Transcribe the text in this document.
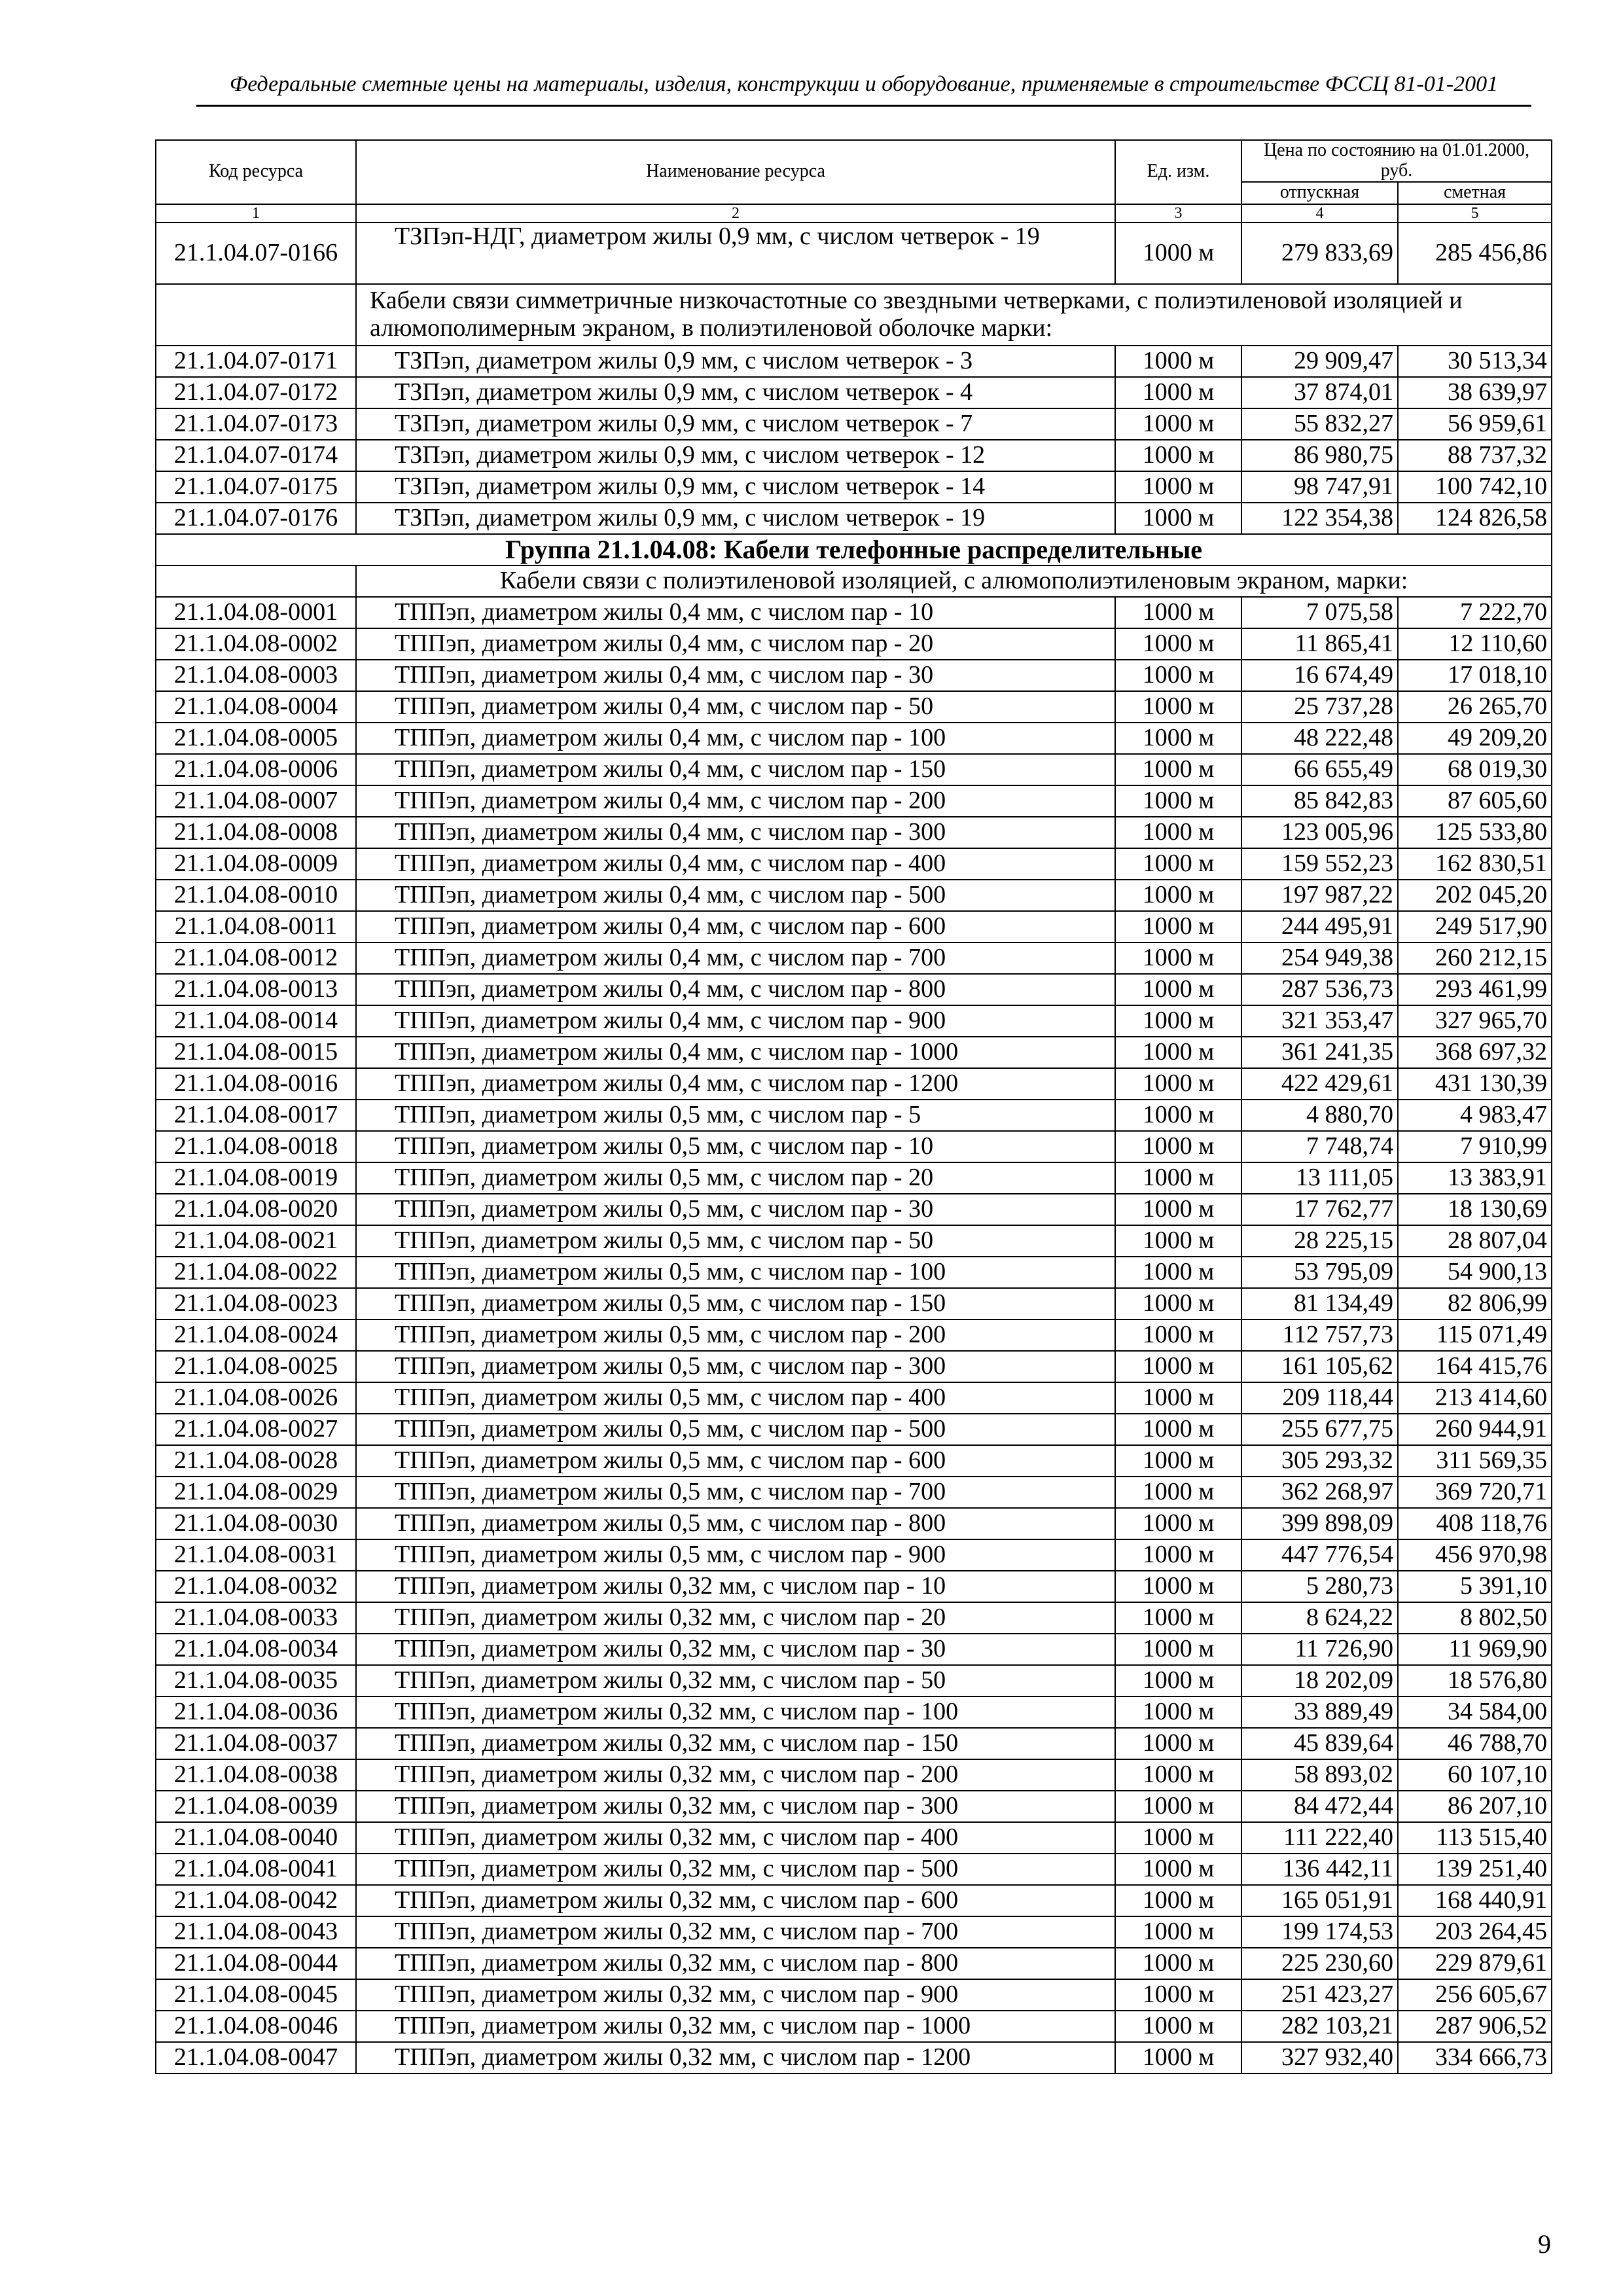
Федеральные сметные цены на материалы, изделия, конструкции и оборудование, применяемые в строительстве ФССЦ 81-01-2001
Код ресурса	Наименование ресурса	Ед. изм.	Цена по состоянию на 01.01.2000, руб.	
			отпускная	сметная
1	2	3	4	5
21.1.04.07-0166	ТЗПэп-НДГ, диаметром жилы 0,9 мм, с числом четверок - 19	1000 м	279 833,69	285 456,86
	Кабели связи симметричные низкочастотные со звездными четверками, с полиэтиленовой изоляцией и алюмополимерным экраном, в полиэтиленовой оболочке марки:			
21.1.04.07-0171	ТЗПэп, диаметром жилы 0,9 мм, с числом четверок - 3	1000 м	29 909,47	30 513,34
21.1.04.07-0172	ТЗПэп, диаметром жилы 0,9 мм, с числом четверок - 4	1000 м	37 874,01	38 639,97
21.1.04.07-0173	ТЗПэп, диаметром жилы 0,9 мм, с числом четверок - 7	1000 м	55 832,27	56 959,61
21.1.04.07-0174	ТЗПэп, диаметром жилы 0,9 мм, с числом четверок - 12	1000 м	86 980,75	88 737,32
21.1.04.07-0175	ТЗПэп, диаметром жилы 0,9 мм, с числом четверок - 14	1000 м	98 747,91	100 742,10
21.1.04.07-0176	ТЗПэп, диаметром жилы 0,9 мм, с числом четверок - 19	1000 м	122 354,38	124 826,58
Группа 21.1.04.08: Кабели телефонные распределительные				
	Кабели связи с полиэтиленовой изоляцией, с алюмополиэтиленовым экраном, марки:			
21.1.04.08-0001	ТППэп, диаметром жилы 0,4 мм, с числом пар - 10	1000 м	7 075,58	7 222,70
21.1.04.08-0002	ТППэп, диаметром жилы 0,4 мм, с числом пар - 20	1000 м	11 865,41	12 110,60
21.1.04.08-0003	ТППэп, диаметром жилы 0,4 мм, с числом пар - 30	1000 м	16 674,49	17 018,10
21.1.04.08-0004	ТППэп, диаметром жилы 0,4 мм, с числом пар - 50	1000 м	25 737,28	26 265,70
21.1.04.08-0005	ТППэп, диаметром жилы 0,4 мм, с числом пар - 100	1000 м	48 222,48	49 209,20
21.1.04.08-0006	ТППэп, диаметром жилы 0,4 мм, с числом пар - 150	1000 м	66 655,49	68 019,30
21.1.04.08-0007	ТППэп, диаметром жилы 0,4 мм, с числом пар - 200	1000 м	85 842,83	87 605,60
21.1.04.08-0008	ТППэп, диаметром жилы 0,4 мм, с числом пар - 300	1000 м	123 005,96	125 533,80
21.1.04.08-0009	ТППэп, диаметром жилы 0,4 мм, с числом пар - 400	1000 м	159 552,23	162 830,51
21.1.04.08-0010	ТППэп, диаметром жилы 0,4 мм, с числом пар - 500	1000 м	197 987,22	202 045,20
21.1.04.08-0011	ТППэп, диаметром жилы 0,4 мм, с числом пар - 600	1000 м	244 495,91	249 517,90
21.1.04.08-0012	ТППэп, диаметром жилы 0,4 мм, с числом пар - 700	1000 м	254 949,38	260 212,15
21.1.04.08-0013	ТППэп, диаметром жилы 0,4 мм, с числом пар - 800	1000 м	287 536,73	293 461,99
21.1.04.08-0014	ТППэп, диаметром жилы 0,4 мм, с числом пар - 900	1000 м	321 353,47	327 965,70
21.1.04.08-0015	ТППэп, диаметром жилы 0,4 мм, с числом пар - 1000	1000 м	361 241,35	368 697,32
21.1.04.08-0016	ТППэп, диаметром жилы 0,4 мм, с числом пар - 1200	1000 м	422 429,61	431 130,39
21.1.04.08-0017	ТППэп, диаметром жилы 0,5 мм, с числом пар - 5	1000 м	4 880,70	4 983,47
21.1.04.08-0018	ТППэп, диаметром жилы 0,5 мм, с числом пар - 10	1000 м	7 748,74	7 910,99
21.1.04.08-0019	ТППэп, диаметром жилы 0,5 мм, с числом пар - 20	1000 м	13 111,05	13 383,91
21.1.04.08-0020	ТППэп, диаметром жилы 0,5 мм, с числом пар - 30	1000 м	17 762,77	18 130,69
21.1.04.08-0021	ТППэп, диаметром жилы 0,5 мм, с числом пар - 50	1000 м	28 225,15	28 807,04
21.1.04.08-0022	ТППэп, диаметром жилы 0,5 мм, с числом пар - 100	1000 м	53 795,09	54 900,13
21.1.04.08-0023	ТППэп, диаметром жилы 0,5 мм, с числом пар - 150	1000 м	81 134,49	82 806,99
21.1.04.08-0024	ТППэп, диаметром жилы 0,5 мм, с числом пар - 200	1000 м	112 757,73	115 071,49
21.1.04.08-0025	ТППэп, диаметром жилы 0,5 мм, с числом пар - 300	1000 м	161 105,62	164 415,76
21.1.04.08-0026	ТППэп, диаметром жилы 0,5 мм, с числом пар - 400	1000 м	209 118,44	213 414,60
21.1.04.08-0027	ТППэп, диаметром жилы 0,5 мм, с числом пар - 500	1000 м	255 677,75	260 944,91
21.1.04.08-0028	ТППэп, диаметром жилы 0,5 мм, с числом пар - 600	1000 м	305 293,32	311 569,35
21.1.04.08-0029	ТППэп, диаметром жилы 0,5 мм, с числом пар - 700	1000 м	362 268,97	369 720,71
21.1.04.08-0030	ТППэп, диаметром жилы 0,5 мм, с числом пар - 800	1000 м	399 898,09	408 118,76
21.1.04.08-0031	ТППэп, диаметром жилы 0,5 мм, с числом пар - 900	1000 м	447 776,54	456 970,98
21.1.04.08-0032	ТППэп, диаметром жилы 0,32 мм, с числом пар - 10	1000 м	5 280,73	5 391,10
21.1.04.08-0033	ТППэп, диаметром жилы 0,32 мм, с числом пар - 20	1000 м	8 624,22	8 802,50
21.1.04.08-0034	ТППэп, диаметром жилы 0,32 мм, с числом пар - 30	1000 м	11 726,90	11 969,90
21.1.04.08-0035	ТППэп, диаметром жилы 0,32 мм, с числом пар - 50	1000 м	18 202,09	18 576,80
21.1.04.08-0036	ТППэп, диаметром жилы 0,32 мм, с числом пар - 100	1000 м	33 889,49	34 584,00
21.1.04.08-0037	ТППэп, диаметром жилы 0,32 мм, с числом пар - 150	1000 м	45 839,64	46 788,70
21.1.04.08-0038	ТППэп, диаметром жилы 0,32 мм, с числом пар - 200	1000 м	58 893,02	60 107,10
21.1.04.08-0039	ТППэп, диаметром жилы 0,32 мм, с числом пар - 300	1000 м	84 472,44	86 207,10
21.1.04.08-0040	ТППэп, диаметром жилы 0,32 мм, с числом пар - 400	1000 м	111 222,40	113 515,40
21.1.04.08-0041	ТППэп, диаметром жилы 0,32 мм, с числом пар - 500	1000 м	136 442,11	139 251,40
21.1.04.08-0042	ТППэп, диаметром жилы 0,32 мм, с числом пар - 600	1000 м	165 051,91	168 440,91
21.1.04.08-0043	ТППэп, диаметром жилы 0,32 мм, с числом пар - 700	1000 м	199 174,53	203 264,45
21.1.04.08-0044	ТППэп, диаметром жилы 0,32 мм, с числом пар - 800	1000 м	225 230,60	229 879,61
21.1.04.08-0045	ТППэп, диаметром жилы 0,32 мм, с числом пар - 900	1000 м	251 423,27	256 605,67
21.1.04.08-0046	ТППэп, диаметром жилы 0,32 мм, с числом пар - 1000	1000 м	282 103,21	287 906,52
21.1.04.08-0047	ТППэп, диаметром жилы 0,32 мм, с числом пар - 1200	1000 м	327 932,40	334 666,73
9
